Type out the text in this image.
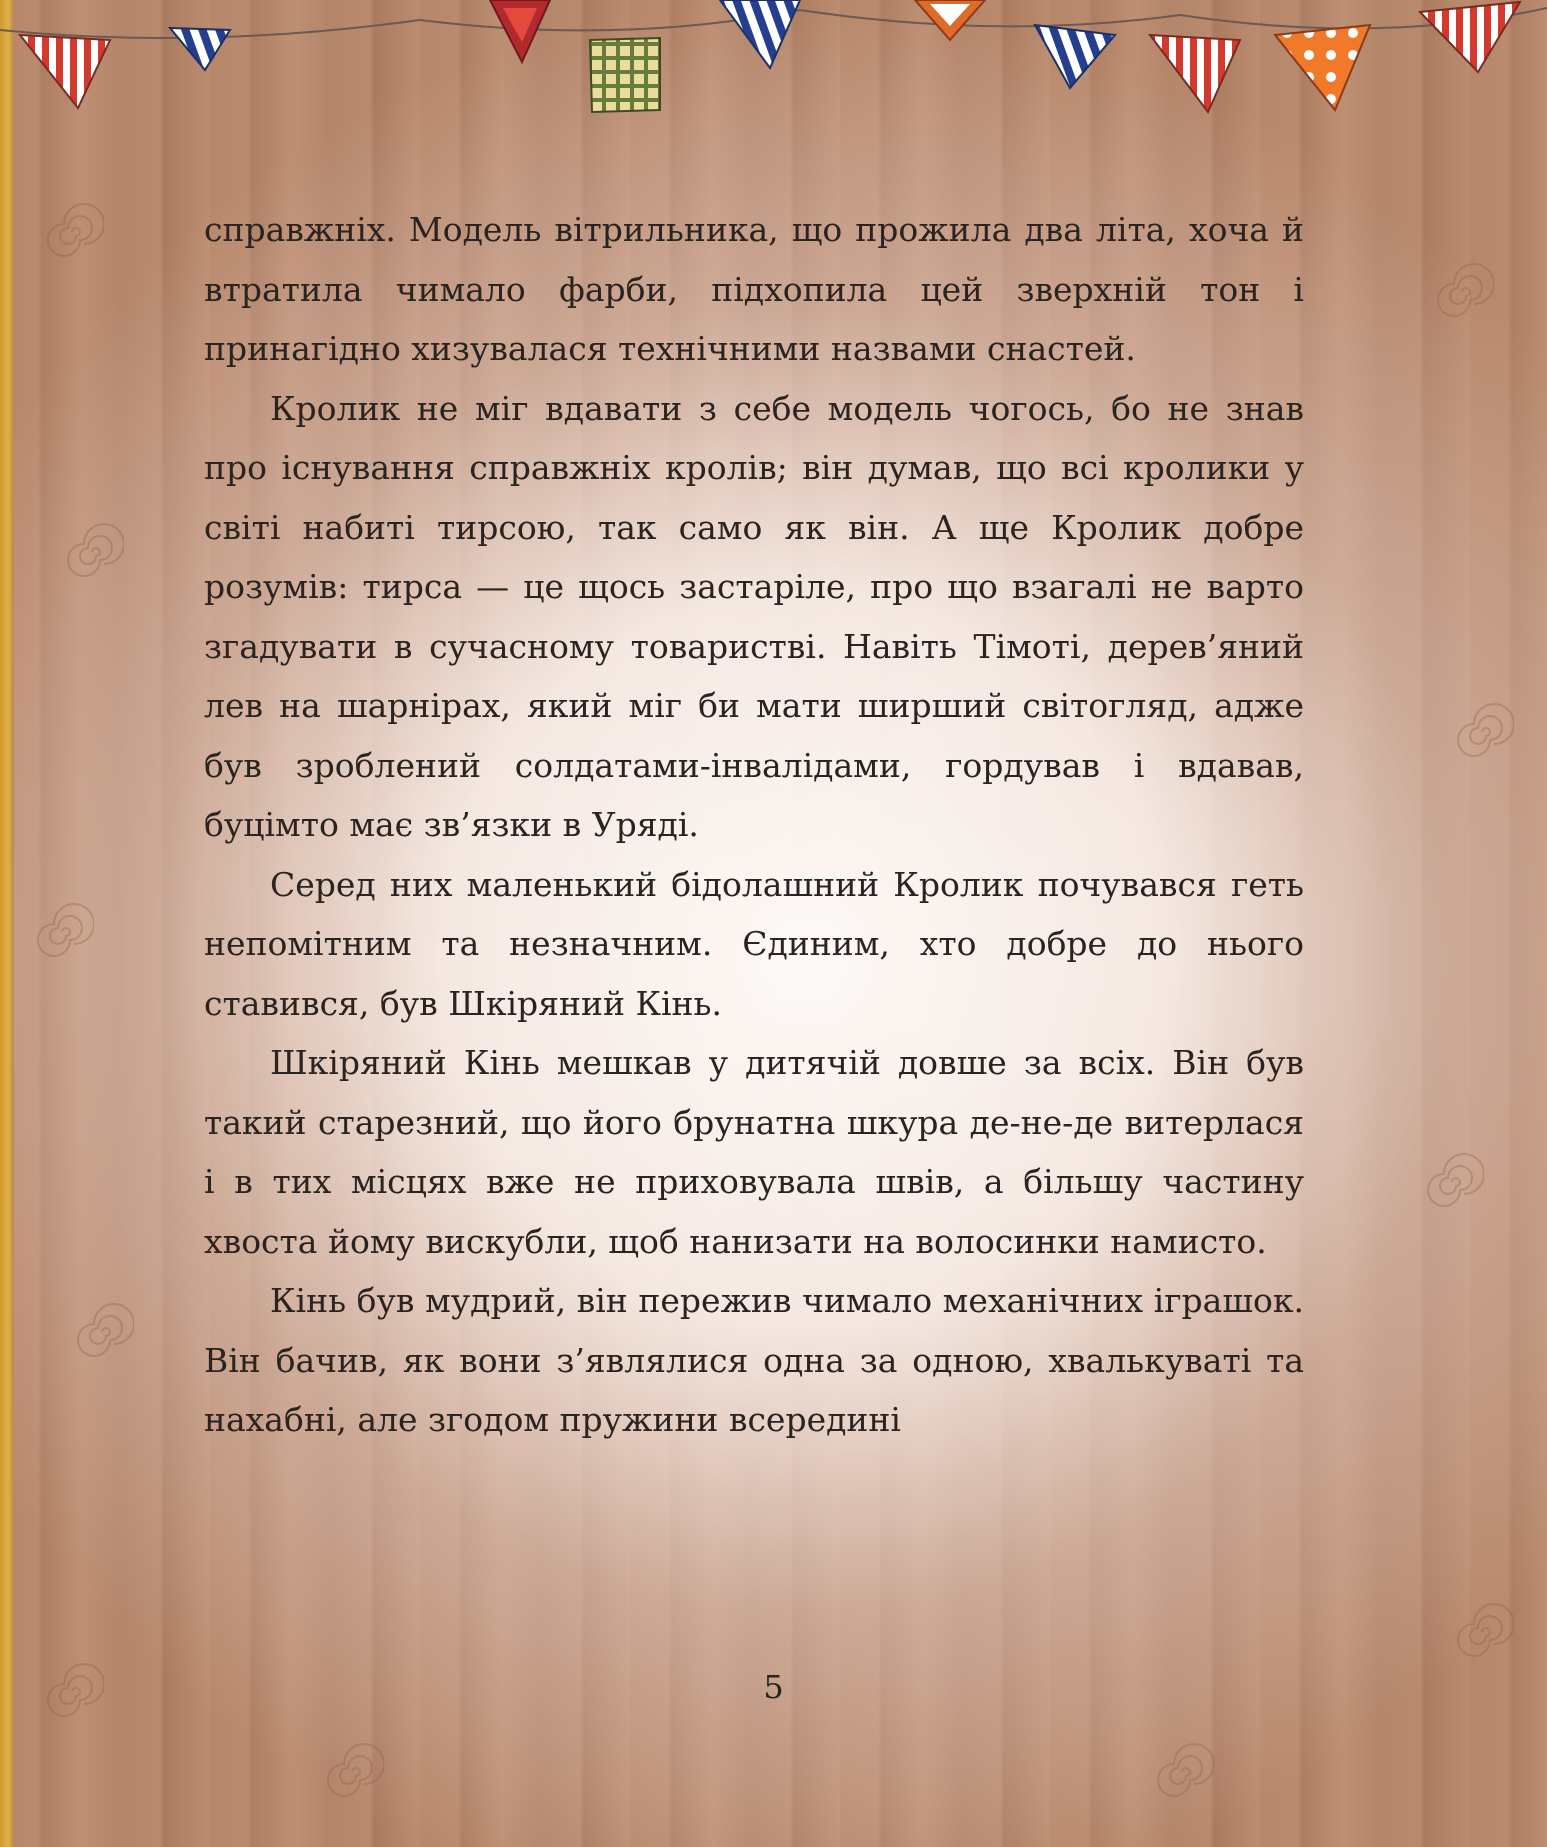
справжніх. Модель вітрильника, що прожила два літа, хоча й втратила чимало фарби, підхопила цей зверхній тон і принагідно хизувалася технічними назвами снастей.

Кролик не міг вдавати з себе модель чогось, бо не знав про існування справжніх кролів; він думав, що всі кролики у світі набиті тирсою, так само як він. А ще Кролик добре розумів: тирса — це щось застаріле, про що взагалі не варто згадувати в сучасному товаристві. Навіть Тімоті, дерев’яний лев на шарнірах, який міг би мати ширший світогляд, адже був зроблений солдатами-інвалідами, гордував і вдавав, буцімто має зв’язки в Уряді.

Серед них маленький бідолашний Кролик почувався геть непомітним та незначним. Єдиним, хто добре до нього ставився, був Шкіряний Кінь.

Шкіряний Кінь мешкав у дитячій довше за всіх. Він був такий старезний, що його брунатна шкура де-не-де витерлася і в тих місцях вже не приховувала швів, а більшу частину хвоста йому вискубли, щоб нанизати на волосинки намисто.

Кінь був мудрий, він пережив чимало механічних іграшок. Він бачив, як вони з’являлися одна за одною, хвалькуваті та нахабні, але згодом пружини всередині

5
